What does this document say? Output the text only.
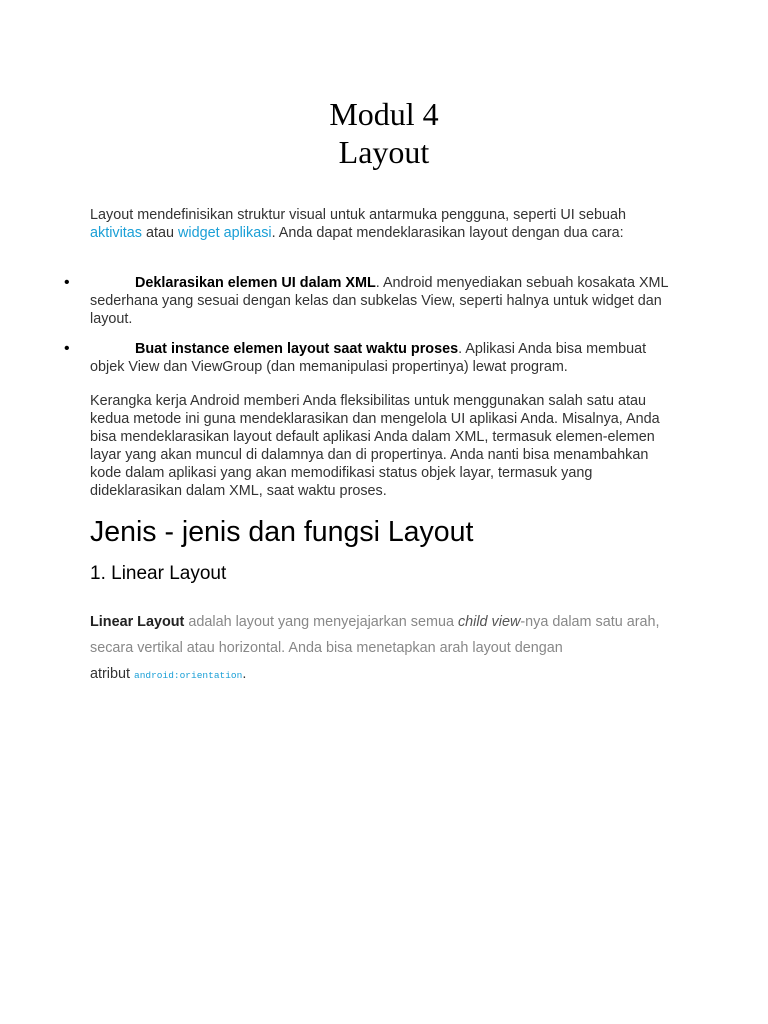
Modul 4
Layout
Layout mendefinisikan struktur visual untuk antarmuka pengguna, seperti UI sebuah aktivitas atau widget aplikasi. Anda dapat mendeklarasikan layout dengan dua cara:
•	Deklarasikan elemen UI dalam XML. Android menyediakan sebuah kosakata XML sederhana yang sesuai dengan kelas dan subkelas View, seperti halnya untuk widget dan layout.
•	Buat instance elemen layout saat waktu proses. Aplikasi Anda bisa membuat objek View dan ViewGroup (dan memanipulasi propertinya) lewat program.
Kerangka kerja Android memberi Anda fleksibilitas untuk menggunakan salah satu atau kedua metode ini guna mendeklarasikan dan mengelola UI aplikasi Anda. Misalnya, Anda bisa mendeklarasikan layout default aplikasi Anda dalam XML, termasuk elemen-elemen layar yang akan muncul di dalamnya dan di propertinya. Anda nanti bisa menambahkan kode dalam aplikasi yang akan memodifikasi status objek layar, termasuk yang dideklarasikan dalam XML, saat waktu proses.
Jenis - jenis dan fungsi Layout
1. Linear Layout
Linear Layout adalah layout yang menyejajarkan semua child view-nya dalam satu arah, secara vertikal atau horizontal. Anda bisa menetapkan arah layout dengan
atribut android:orientation.
